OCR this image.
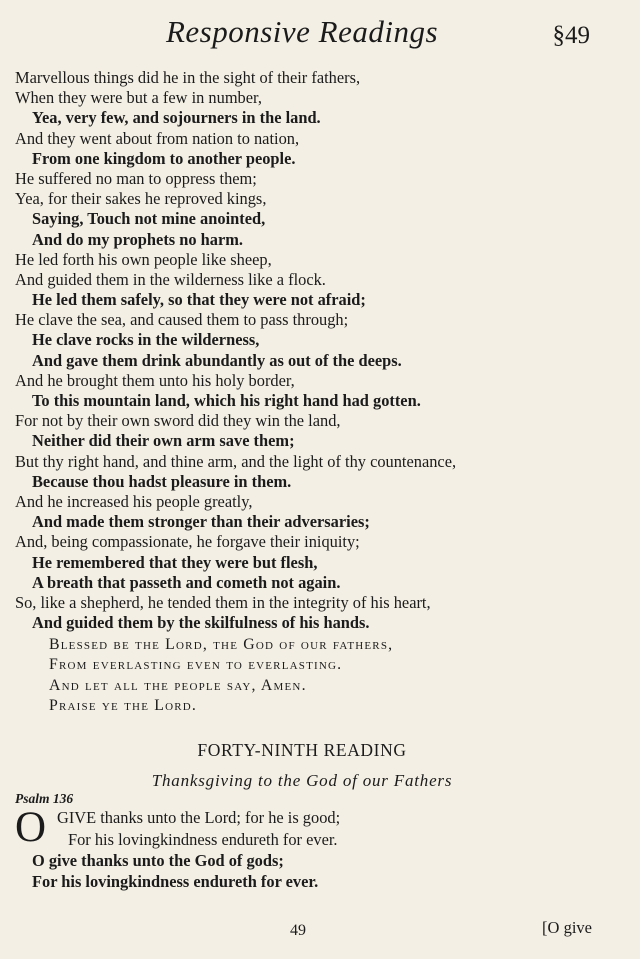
Responsive Readings	§49
Marvellous things did he in the sight of their fathers,
When they were but a few in number,
Yea, very few, and sojourners in the land.
And they went about from nation to nation,
From one kingdom to another people.
He suffered no man to oppress them;
Yea, for their sakes he reproved kings,
Saying, Touch not mine anointed,
And do my prophets no harm.
He led forth his own people like sheep,
And guided them in the wilderness like a flock.
He led them safely, so that they were not afraid;
He clave the sea, and caused them to pass through;
He clave rocks in the wilderness,
And gave them drink abundantly as out of the deeps.
And he brought them unto his holy border,
To this mountain land, which his right hand had gotten.
For not by their own sword did they win the land,
Neither did their own arm save them;
But thy right hand, and thine arm, and the light of thy countenance,
Because thou hadst pleasure in them.
And he increased his people greatly,
And made them stronger than their adversaries;
And, being compassionate, he forgave their iniquity;
He remembered that they were but flesh,
A breath that passeth and cometh not again.
So, like a shepherd, he tended them in the integrity of his heart,
And guided them by the skilfulness of his hands.
Blessed be the Lord, the God of our fathers,
From everlasting even to everlasting.
And let all the people say, Amen.
Praise ye the Lord.
FORTY-NINTH READING
Thanksgiving to the God of our Fathers
Psalm 136
O GIVE thanks unto the Lord; for he is good;
For his lovingkindness endureth for ever.
O give thanks unto the God of gods;
For his lovingkindness endureth for ever.
49	[O give
